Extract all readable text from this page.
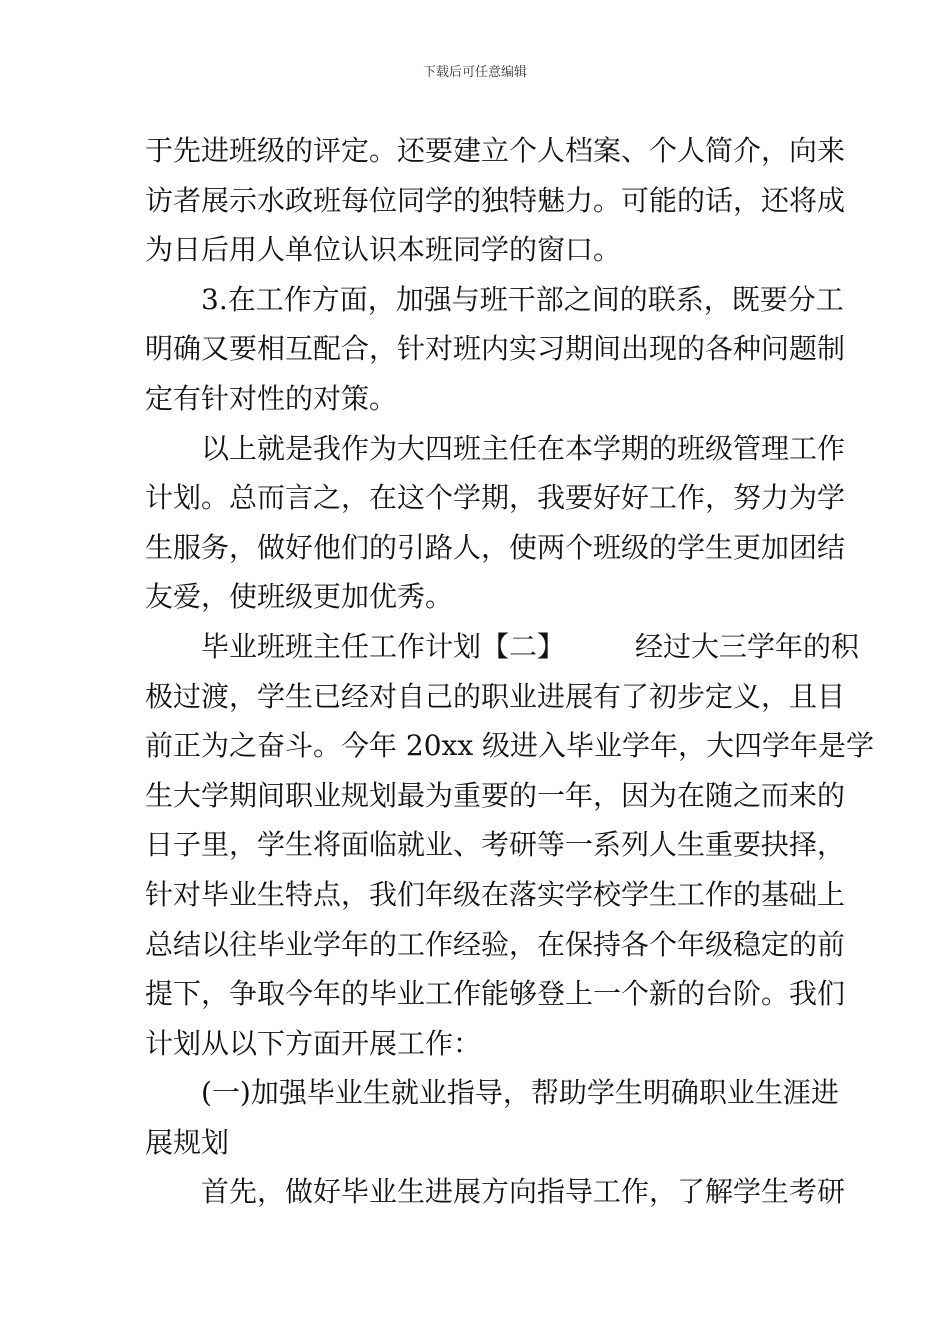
下载后可任意编辑
于先进班级的评定。还要建立个人档案、个人简介，向来
访者展示水政班每位同学的独特魅力。可能的话，还将成
为日后用人单位认识本班同学的窗口。
　　3.在工作方面，加强与班干部之间的联系，既要分工
明确又要相互配合，针对班内实习期间出现的各种问题制
定有针对性的对策。
　　以上就是我作为大四班主任在本学期的班级管理工作
计划。总而言之，在这个学期，我要好好工作，努力为学
生服务，做好他们的引路人，使两个班级的学生更加团结
友爱，使班级更加优秀。
　　毕业班班主任工作计划【二】　　　经过大三学年的积
极过渡，学生已经对自己的职业进展有了初步定义，且目
前正为之奋斗。今年 20xx 级进入毕业学年，大四学年是学
生大学期间职业规划最为重要的一年，因为在随之而来的
日子里，学生将面临就业、考研等一系列人生重要抉择，
针对毕业生特点，我们年级在落实学校学生工作的基础上
总结以往毕业学年的工作经验，在保持各个年级稳定的前
提下，争取今年的毕业工作能够登上一个新的台阶。我们
计划从以下方面开展工作：
　　(一)加强毕业生就业指导，帮助学生明确职业生涯进
展规划
　　首先，做好毕业生进展方向指导工作，了解学生考研
